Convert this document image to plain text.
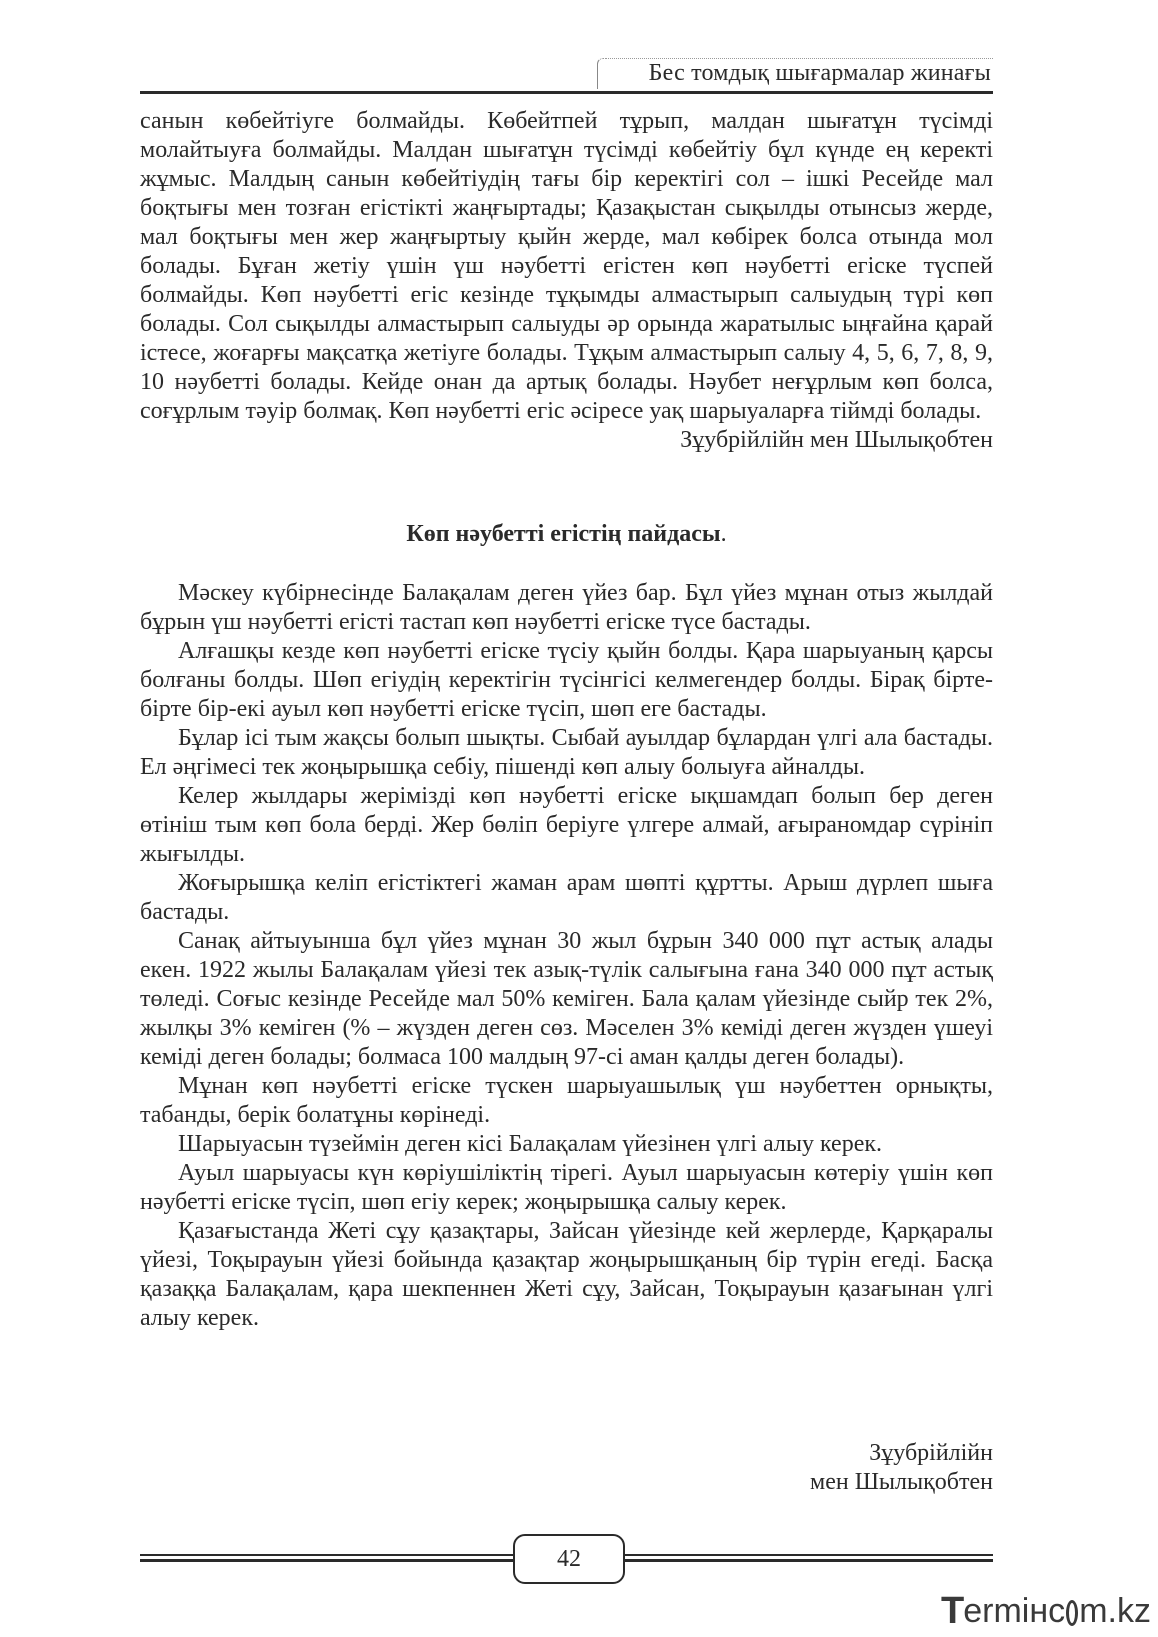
Бес томдық шығармалар жинағы

санын көбейтіуге болмайды. Көбейтпей тұрып, малдан шығатұн түсімді молайтыуға болмайды. Малдан шығатұн түсімді көбейтіу бұл күнде ең керекті жұмыс. Малдың санын көбейтіудің тағы бір керектігі сол – ішкі Ресейде мал боқтығы мен тозған егістікті жаңғыртады; Қазақыстан сықылды отынсыз жерде, мал боқтығы мен жер жаңғыртыу қыйн жерде, мал көбірек болса отында мол болады. Бұған жетіу үшін үш нәубетті егістен көп нәубетті егіске түспей болмайды. Көп нәубетті егіс кезінде тұқымды алмастырып салыудың түрі көп болады. Сол сықылды алмастырып салыуды әр орында жаратылыс ыңғайна қарай істесе, жоғарғы мақсатқа жетіуге болады. Тұқым алмастырып салыу 4, 5, 6, 7, 8, 9, 10 нәубетті болады. Кейде онан да артық болады. Нәубет неғұрлым көп болса, соғұрлым тәуір болмақ. Көп нәубетті егіс әсіресе уақ шарыуаларға тіймді болады.

Зұубрійлійн мен Шылықобтен
Көп нәубетті егістің пайдасы.

Мәскеу күбірнесінде Балақалам деген үйез бар. Бұл үйез мұнан отыз жылдай бұрын үш нәубетті егісті тастап көп нәубетті егіске түсе бастады.

Алғашқы кезде көп нәубетті егіске түсіу қыйн болды. Қара шарыуаның қарсы болғаны болды. Шөп егіудің керектігін түсінгісі келмегендер болды. Бірақ бірте-бірте бір-екі ауыл көп нәубетті егіске түсіп, шөп еге бастады.

Бұлар ісі тым жақсы болып шықты. Сыбай ауылдар бұлардан үлгі ала бастады. Ел әңгімесі тек жоңырышқа себіу, пішенді көп алыу болыуға айналды.

Келер жылдары жерімізді көп нәубетті егіске ықшамдап болып бер деген өтініш тым көп бола берді. Жер бөліп беріуге үлгере алмай, ағыраномдар сүрініп жығылды.

Жоғырышқа келіп егістіктегі жаман арам шөпті құртты. Арыш дүрлеп шыға бастады.

Санақ айтыуынша бұл үйез мұнан 30 жыл бұрын 340 000 пұт астық алады екен. 1922 жылы Балақалам үйезі тек азық-түлік салығына ғана 340 000 пұт астық төледі. Соғыс кезінде Ресейде мал 50% кеміген. Бала қалам үйезінде сыйр тек 2%, жылқы 3% кеміген (% – жүзден деген сөз. Мәселен 3% кеміді деген жүзден үшеуі кеміді деген болады; болмаса 100 малдың 97-сі аман қалды деген болады).

Мұнан көп нәубетті егіске түскен шарыуашылық үш нәубеттен орнықты, табанды, берік болатұны көрінеді.

Шарыуасын түзеймін деген кісі Балақалам үйезінен үлгі алыу керек.

Ауыл шарыуасы күн көріушіліктің тірегі. Ауыл шарыуасын көтеріу үшін көп нәубетті егіске түсіп, шөп егіу керек; жоңырышқа салыу керек.

Қазағыстанда Жеті сұу қазақтары, Зайсан үйезінде кей жерлерде, Қарқаралы үйезі, Тоқырауын үйезі бойында қазақтар жоңырышқаның бір түрін егеді. Басқа қазаққа Балақалам, қара шекпеннен Жеті сұу, Зайсан, Тоқырауын қазағынан үлгі алыу керек.

Зұубрійлійн
мен Шылықобтен
42
T ermінc m.kz
